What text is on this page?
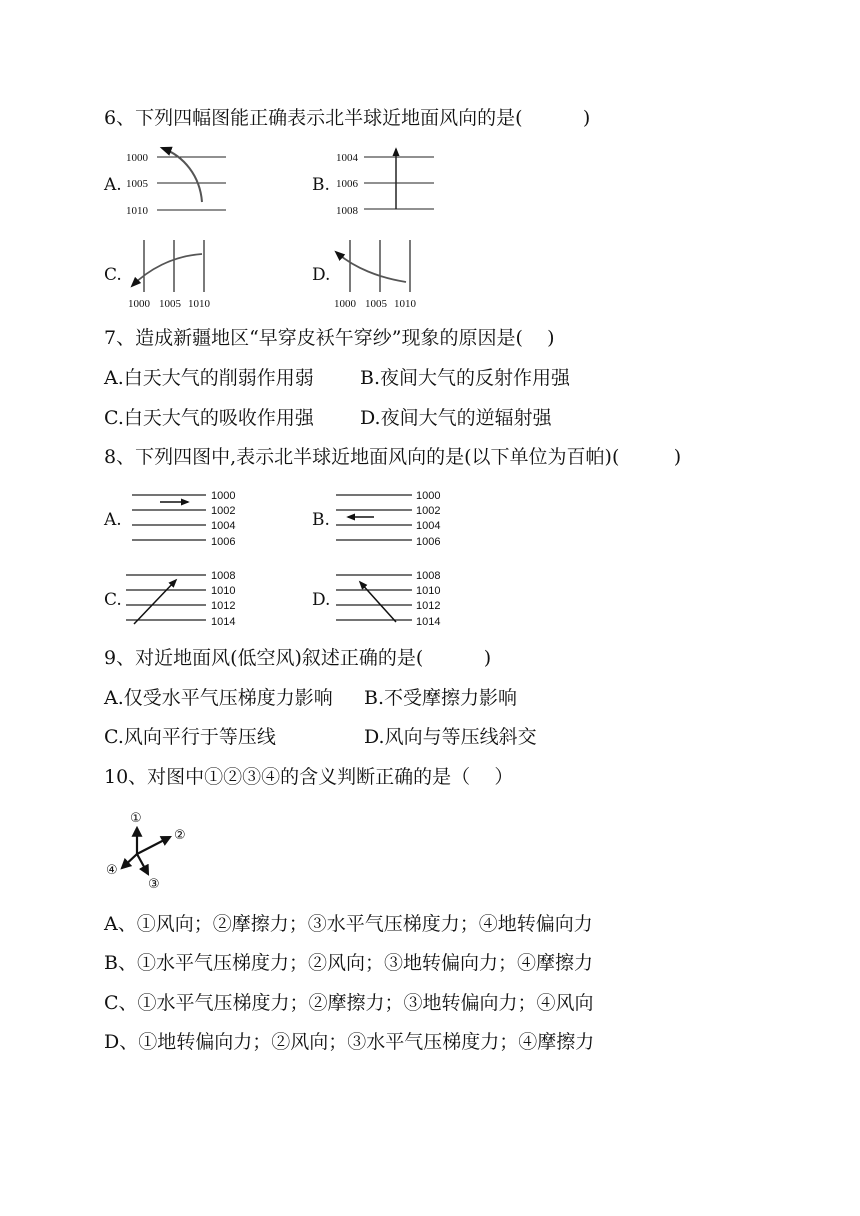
6、下列四幅图能正确表示北半球近地面风向的是(          )
A.
1000
1005
1010
B.
1004
1006
1008
C.
1000 1005 1010
D.
1000 1005 1010
7、造成新疆地区“早穿皮袄午穿纱”现象的原因是(    )
A.白天大气的削弱作用弱 B.夜间大气的反射作用强
C.白天大气的吸收作用强 D.夜间大气的逆辐射强
8、下列四图中,表示北半球近地面风向的是(以下单位为百帕)(         )
A.
1000
1002
1004
1006
B.
1000
1002
1004
1006
C.
1008
1010
1012
1014
D.
1008
1010
1012
1014
9、对近地面风(低空风)叙述正确的是(          )
A.仅受水平气压梯度力影响 B.不受摩擦力影响
C.风向平行于等压线	D.风向与等压线斜交
10、对图中①②③④的含义判断正确的是（    ）
①
②
③
④
A、①风向；②摩擦力；③水平气压梯度力；④地转偏向力
B、①水平气压梯度力；②风向；③地转偏向力；④摩擦力
C、①水平气压梯度力；②摩擦力；③地转偏向力；④风向
D、①地转偏向力；②风向；③水平气压梯度力；④摩擦力
